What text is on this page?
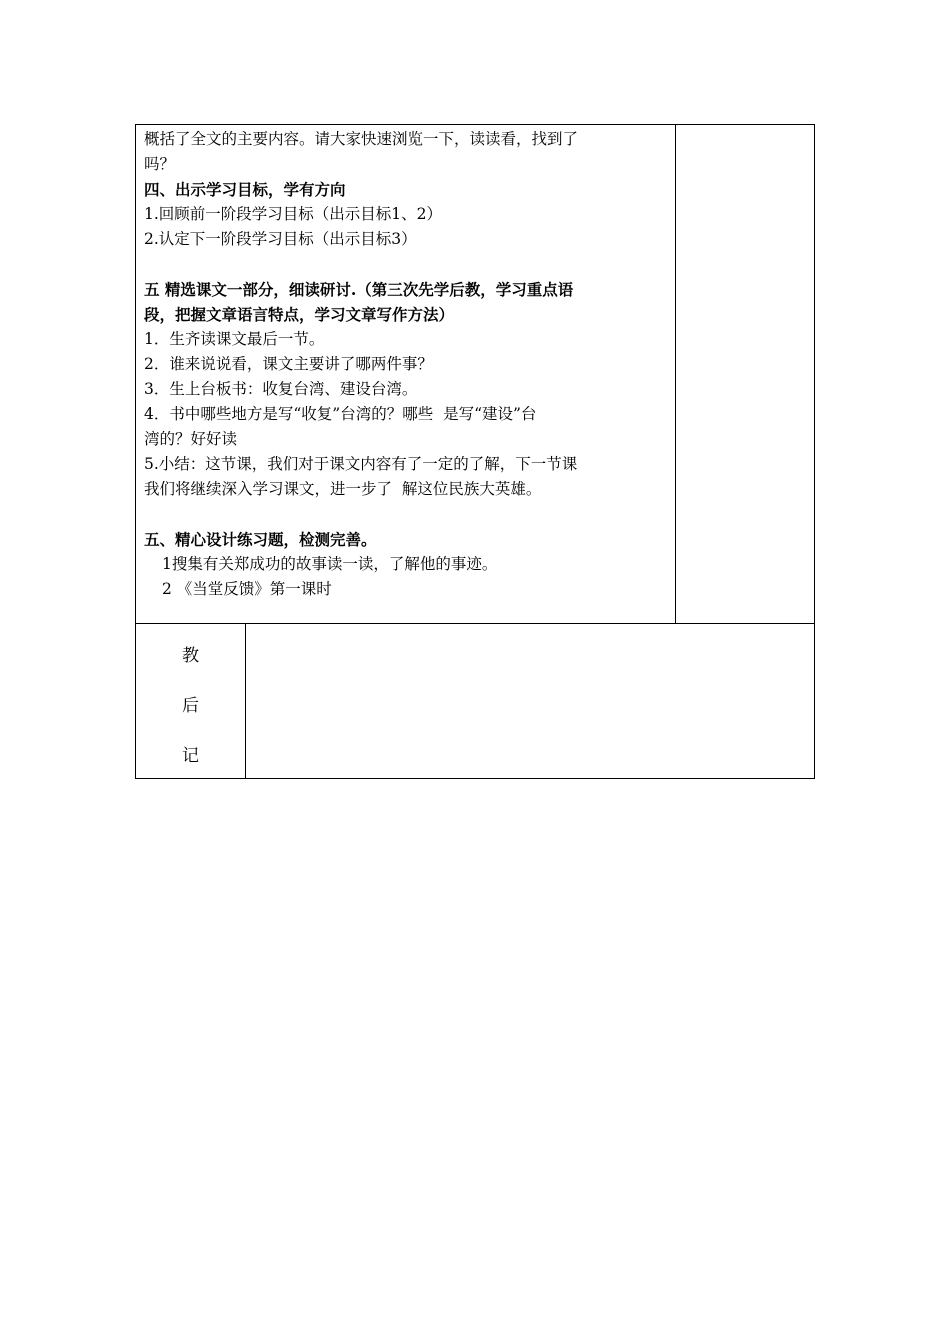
概括了全文的主要内容。请大家快速浏览一下，读读看，找到了
吗？
四、出示学习目标，学有方向
1.回顾前一阶段学习目标（出示目标1、2）
2.认定下一阶段学习目标（出示目标3）
五 精选课文一部分，细读研讨.（第三次先学后教，学习重点语
段，把握文章语言特点，学习文章写作方法）
1．生齐读课文最后一节。
2．谁来说说看，课文主要讲了哪两件事？
3．生上台板书：收复台湾、建设台湾。
4．书中哪些地方是写“收复”台湾的？哪些  是写“建设”台
湾的？好好读
5.小结：这节课，我们对于课文内容有了一定的了解，下一节课
我们将继续深入学习课文，进一步了  解这位民族大英雄。
五、精心设计练习题，检测完善。
1搜集有关郑成功的故事读一读，了解他的事迹。
2 《当堂反馈》第一课时
教
后
记
